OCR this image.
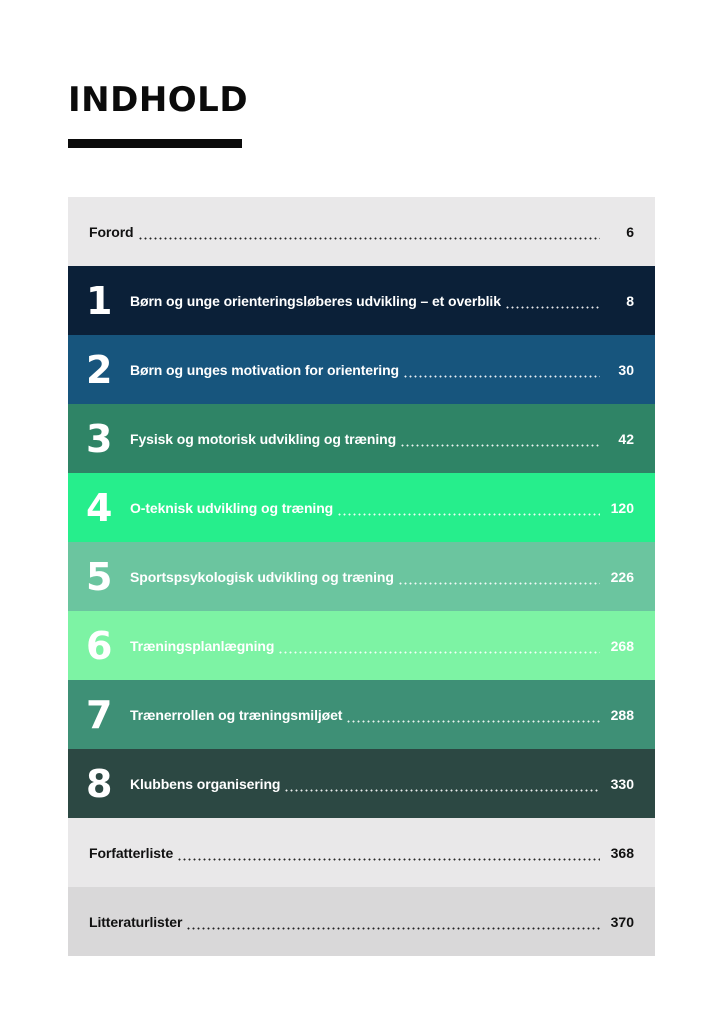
INDHOLD
Forord	6
1	Børn og unge orienteringsløberes udvikling – et overblik	8
2	Børn og unges motivation for orientering	30
3	Fysisk og motorisk udvikling og træning	42
4	O-teknisk udvikling og træning	120
5	Sportspsykologisk udvikling og træning	226
6	Træningsplanlægning	268
7	Trænerrollen og træningsmiljøet	288
8	Klubbens organisering	330
Forfatterliste	368
Litteraturlister	370
